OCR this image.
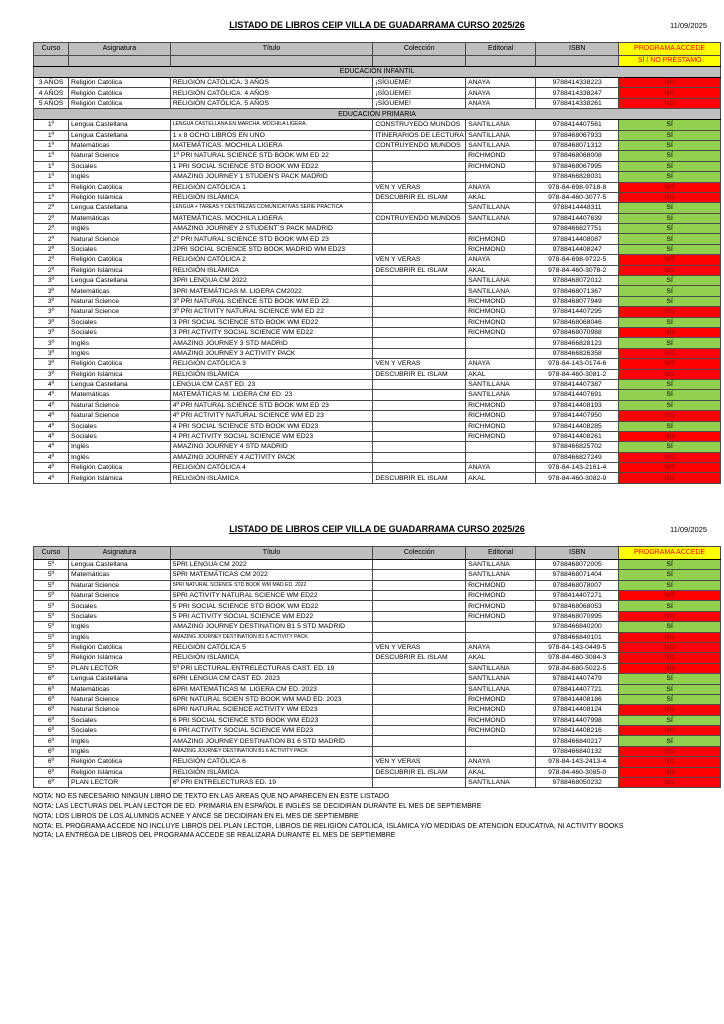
LISTADO DE LIBROS CEIP VILLA DE GUADARRAMA CURSO 2025/26	11/09/2025
Curso	Asignatura	Título	Colección	Editorial	ISBN	PROGRAMA ACCEDE
						SÍ / NO PRÉSTAMO
EDUCACIÓN INFANTIL						
3 AÑOS	Religión Católica	RELIGIÓN CATÓLICA. 3 AÑOS	¡SÍGUEME!	ANAYA	9788414338223	NO
4 AÑOS	Religión Católica	RELIGIÓN CATÓLICA. 4 AÑOS	¡SÍGUEME!	ANAYA	9788414338247	NO
5 AÑOS	Religión Católica	RELIGIÓN CATÓLICA. 5 AÑOS	¡SÍGUEME!	ANAYA	9788414338261	NO
EDUCACIÓN PRIMARIA						
1º	Lengua Castellana	LENGUA CASTELLANA EN MARCHA. MOCHILA LIGERA.	CONSTRUYEDO MUNDOS	SANTILLANA	9788414407561	SÍ
1º	Lengua Castellana	1 x 8 OCHO LIBROS EN UNO	ITINERARIOS DE LECTURA	SANTILLANA	9788468067933	SÍ
1º	Matemáticas	MATEMÁTICAS. MOCHILA LIGERA	CONTRUYENDO MUNDOS	SANTILLANA	9788468071312	SÍ
1º	Natural Science	1º PRI NATURAL SCIENCE STD BOOK WM ED 22		RICHMOND	9788468068008	SÍ
1º	Sociales	1 PRI SOCIAL SCIENCE STD BOOK WM ED22		RICHMOND	9788468067995	SÍ
1º	Inglés	AMAZING JOURNEY 1 STUDEN'S PACK MADRID			9788466828031	SÍ
1º	Religión Católica	RELIGIÓN CATÓLICA 1	VEN Y VERAS	ANAYA	978-84-698-9718-8	NO
1º	Religión Islámica	RELIGIÓN ISLÁMICA	DESCUBRIR EL ISLAM	AKAL	978-84-460-3077-5	NO
2º	Lengua Castellana	LENGUA + TAREAS Y DESTREZAS COMUNICATIVAS SERIE PRÁCTICA		SANTILLANA	9788414448311	SÍ
2º	Matemáticas	MATEMÁTICAS. MOCHILA LIGERA	CONTRUYENDO MUNDOS	SANTILLANA	9788414407639	SÍ
2º	Inglés	AMAZING JOURNEY 2 STUDENT´S PACK MADRID			9788466827751	SÍ
2º	Natural Science	2º PRI NATURAL SCIENCE STD BOOK WM ED 23		RICHMOND	9788414408087	SÍ
2º	Sociales	2PRI SOCIAL SCIENCE STD BOOK MADRID WM ED23		RICHMOND	9788414408247	SÍ
2º	Religión Católica	RELIGIÓN CATÓLICA 2	VEN Y VERAS	ANAYA	978-84-698-9722-5	NO
2º	Religión Islámica	RELIGIÓN ISLÁMICA	DESCUBRIR EL ISLAM	AKAL	978-84-460-3078-2	NO
3º	Lengua Castellana	3PRI LENGUA CM 2022		SANTILLANA	9788468072012	SÍ
3º	Matemáticas	3PRI MATEMÁTICAS M. LIGERA CM2022		SANTILLANA	9788468071367	SÍ
3º	Natural Science	3º PRI NATURAL SCIENCE STD BOOK WM ED 22		RICHMOND	9788468077949	SÍ
3º	Natural Science	3º PRI ACTIVITY NATURAL SCIENCE WM ED 22		RICHMOND	9788414407295	NO
3º	Sociales	3 PRI SOCIAL SCIENCE STD BOOK WM ED22		RICHMOND	9788468068046	SÍ
3º	Sociales	3 PRI ACTIVITY SOCIAL SCIENCE WM ED22		RICHMOND	9788468070988	NO
3º	Inglés	AMAZING JOURNEY 3 STD MADRID			9788466828123	SÍ
3º	Inglés	AMAZING JOURNEY 3 ACTIVITY PACK			9788466826358	NO
3º	Religión Católica	RELIGIÓN CATÓLICA 3	VEN Y VERAS	ANAYA	978-84-143-0174-6	NO
3º	Religión Islámica	RELIGIÓN ISLÁMICA	DESCUBRIR EL ISLAM	AKAL	978-84-460-3081-2	NO
4º	Lengua Castellana	LENGUA CM CAST ED. 23		SANTILLANA	9788414407387	SÍ
4º	Matemáticas	MATEMÁTICAS M. LIGERA CM ED. 23		SANTILLANA	9788414407691	SÍ
4º	Natural Science	4º PRI NATURAL SCIENCE STD BOOK WM ED 23		RICHMOND	9788414408193	SÍ
4º	Natural Science	4º PRI ACTIVITY NATURAL SCIENCE WM ED 23		RICHMOND	9788414407950	NO
4º	Sociales	4 PRI SOCIAL SCIENCE STD BOOK WM ED23		RICHMOND	9788414408285	SÍ
4º	Sociales	4 PRI ACTIVITY SOCIAL SCIENCE WM ED23		RICHMOND	9788414408261	NO
4º	Inglés	AMAZING JOURNEY 4 STD MADRID			9788466825702	SÍ
4º	Inglés	AMAZING JOURNEY 4 ACTIVITY PACK			9788466827249	NO
4º	Religión Católica	RELIGIÓN CATÓLICA 4		ANAYA	978-84-143-2161-4	NO
4º	Religión Islámica	RELIGIÓN ISLÁMICA	DESCUBRIR EL ISLAM	AKAL	978-84-460-3082-9	NO
LISTADO DE LIBROS CEIP VILLA DE GUADARRAMA CURSO 2025/26	11/09/2025
Curso	Asignatura	Título	Colección	Editorial	ISBN	PROGRAMA ACCEDE
5º	Lengua Castellana	5PRI LENGUA CM 2022		SANTILLANA	9788468072005	SÍ
5º	Matemáticas	5PRI MATEMÁTICAS CM 2022		SANTILLANA	9788468071404	SÍ
5º	Natural Science	5PRI NATURAL SCIENCE STD BOOK WM MAD ED. 2022		RICHMOND	9788468078007	SÍ
5º	Natural Science	5PRI ACTIVITY NATURAL SCIENCE WM ED22		RICHMOND	9788414407271	NO
5º	Sociales	5 PRI SOCIAL SCIENCE STD BOOK WM ED22		RICHMOND	9788468068053	SÍ
5º	Sociales	5 PRI ACTIVITY SOCIAL SCIENCE WM ED22		RICHMOND	9788468070995	NO
5º	Inglés	AMAZING JOURNEY DESTINATION B1 5 STD MADRID			9788466840200	SÍ
5º	Inglés	AMAZING JOURNEY DESTINATION B1 5 ACTIVITY PACK			9788466840101	NO
5º	Religión Católica	RELIGIÓN CATÓLICA 5	VEN Y VERAS	ANAYA	978-84-143-0449-5	NO
5º	Religión Islámica	RELIGIÓN ISLÁMICA	DESCUBRIR EL ISLAM	AKAL	978-84-460-3084-3	NO
5º	PLAN LECTOR	5º PRI LECTURAL ENTRELECTURAS CAST. ED. 19		SANTILLANA	978-84-680-5022-5	NO
6º	Lengua Castellana	6PRI LENGUA CM CAST ED. 2023		SANTILLANA	9788414407479	SÍ
6º	Matemáticas	6PRI MATEMÁTICAS M. LIGERA CM ED. 2023		SANTILLANA	9788414407721	SÍ
6º	Natural Science	6PRI NATURAL SCIEN STD BOOK WM MAD ED. 2023		RICHMOND	9788414408186	SÍ
6º	Natural Science	6PRI NATURAL SCIENCE ACTIVITY WM ED23		RICHMOND	9788414408124	NO
6º	Sociales	6 PRI SOCIAL SCIENCE STD BOOK WM ED23		RICHMOND	9788414407998	SÍ
6º	Sociales	6 PRI ACTIVITY SOCIAL SCIENCE WM ED23		RICHMOND	9788414408216	NO
6º	Inglés	AMAZING JOURNEY DESTINATION B1 6 STD MADRID			9788466840217	SÍ
6º	Inglés	AMAZING JOURNEY DESTINATION B1 6 ACTIVITY PACK			9788466840132	NO
6º	Religión Católica	RELIGIÓN CATÓLICA 6	VEN Y VERAS	ANAYA	978-84-143-2413-4	NO
6º	Religión Islámica	RELIGIÓN ISLÁMICA	DESCUBRIR EL ISLAM	AKAL	978-84-460-3085-0	NO
6º	PLAN LECTOR	6º PRI ENTRELECTURAS ED. 19		SANTILLANA	9788468050232	NO
NOTA: NO ES NECESARIO NINGÚN LIBRO DE TEXTO EN LAS ÁREAS QUE NO APARECEN EN ESTE LISTADO
NOTA: LAS LECTURAS DEL PLAN LECTOR DE ED. PRIMARIA EN ESPAÑOL E INGLÉS SE DECIDIRÁN DURANTE EL MES DE SEPTIEMBRE
NOTA: LOS LIBROS DE LOS ALUMNOS ACNEE Y ANCE SE DECIDIRAN EN EL MES DE SEPTIEMBRE
NOTA: EL PROGRAMA ACCEDE NO INCLUYE LIBROS DEL PLAN LECTOR, LIBROS DE RELIGIÓN CATÓLICA, ISLÁMICA Y/O MEDIDAS DE ATENCIÓN EDUCATIVA, NI ACTIVITY BOOKS
NOTA: LA ENTREGA DE LIBROS DEL PROGRAMA ACCEDE SE REALIZARÁ DURANTE EL MES DE SEPTIEMBRE
